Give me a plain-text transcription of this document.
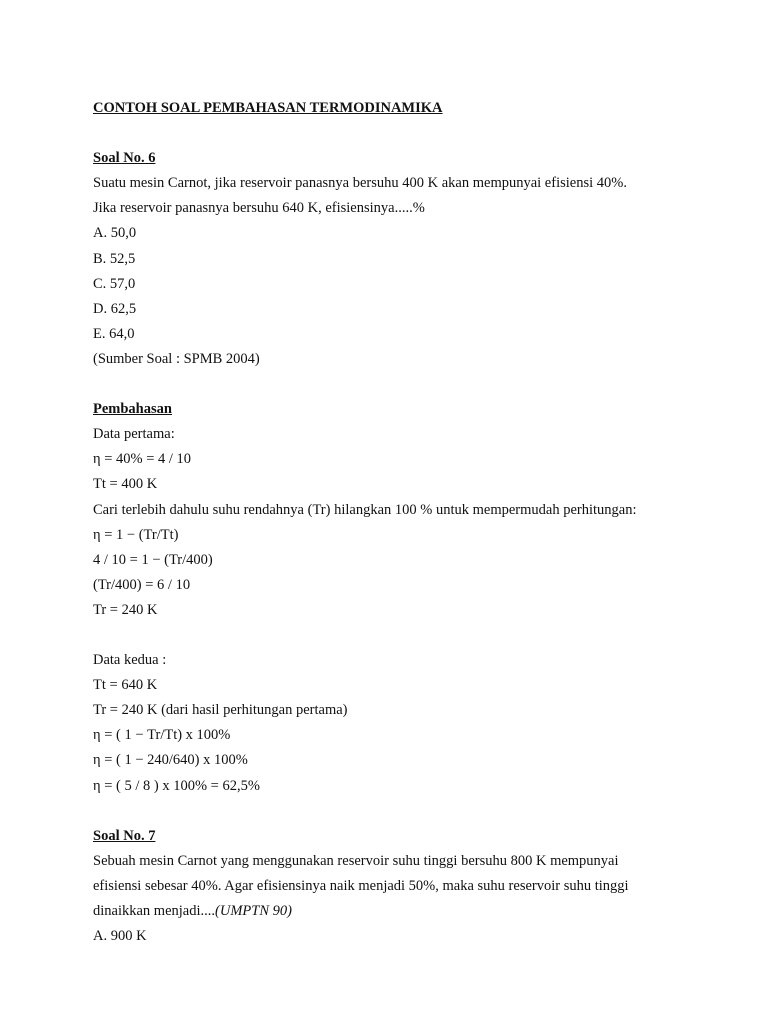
CONTOH SOAL PEMBAHASAN TERMODINAMIKA
Soal No. 6
Suatu mesin Carnot, jika reservoir panasnya bersuhu 400 K akan mempunyai efisiensi 40%.
Jika reservoir panasnya bersuhu 640 K, efisiensinya.....%
A. 50,0
B. 52,5
C. 57,0
D. 62,5
E. 64,0
(Sumber Soal : SPMB 2004)
Pembahasan
Data pertama:
η = 40% = 4 / 10
Tt = 400 K
Cari terlebih dahulu suhu rendahnya (Tr) hilangkan 100 % untuk mempermudah perhitungan:
η = 1 − (Tr/Tt)
4 / 10 = 1 − (Tr/400)
(Tr/400) = 6 / 10
Tr = 240 K
Data kedua :
Tt = 640 K
Tr = 240 K (dari hasil perhitungan pertama)
η = ( 1 − Tr/Tt) x 100%
η = ( 1 − 240/640) x 100%
η = ( 5 / 8 ) x 100% = 62,5%
Soal No. 7
Sebuah mesin Carnot yang menggunakan reservoir suhu tinggi bersuhu 800 K mempunyai
efisiensi sebesar 40%. Agar efisiensinya naik menjadi 50%, maka suhu reservoir suhu tinggi
dinaikkan menjadi....(UMPTN 90)
A. 900 K
